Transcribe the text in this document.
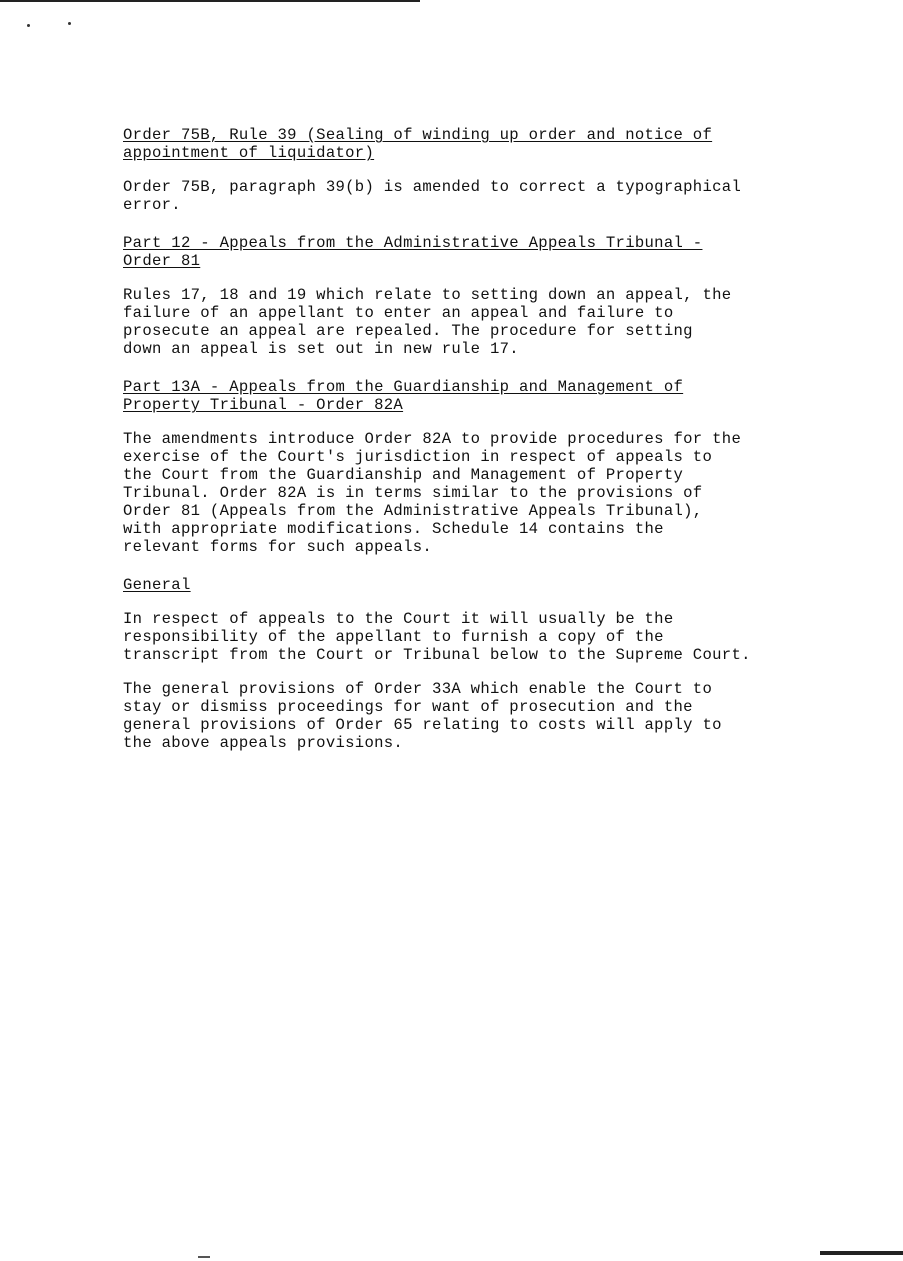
Order 75B, Rule 39 (Sealing of winding up order and notice of
appointment of liquidator)

Order 75B, paragraph 39(b) is amended to correct a typographical
error.

Part 12 - Appeals from the Administrative Appeals Tribunal -
Order 81

Rules 17, 18 and 19 which relate to setting down an appeal, the
failure of an appellant to enter an appeal and failure to
prosecute an appeal are repealed. The procedure for setting
down an appeal is set out in new rule 17.

Part 13A - Appeals from the Guardianship and Management of
Property Tribunal - Order 82A

The amendments introduce Order 82A to provide procedures for the
exercise of the Court's jurisdiction in respect of appeals to
the Court from the Guardianship and Management of Property
Tribunal. Order 82A is in terms similar to the provisions of
Order 81 (Appeals from the Administrative Appeals Tribunal),
with appropriate modifications. Schedule 14 contains the
relevant forms for such appeals.

General

In respect of appeals to the Court it will usually be the
responsibility of the appellant to furnish a copy of the
transcript from the Court or Tribunal below to the Supreme Court.

The general provisions of Order 33A which enable the Court to
stay or dismiss proceedings for want of prosecution and the
general provisions of Order 65 relating to costs will apply to
the above appeals provisions.
